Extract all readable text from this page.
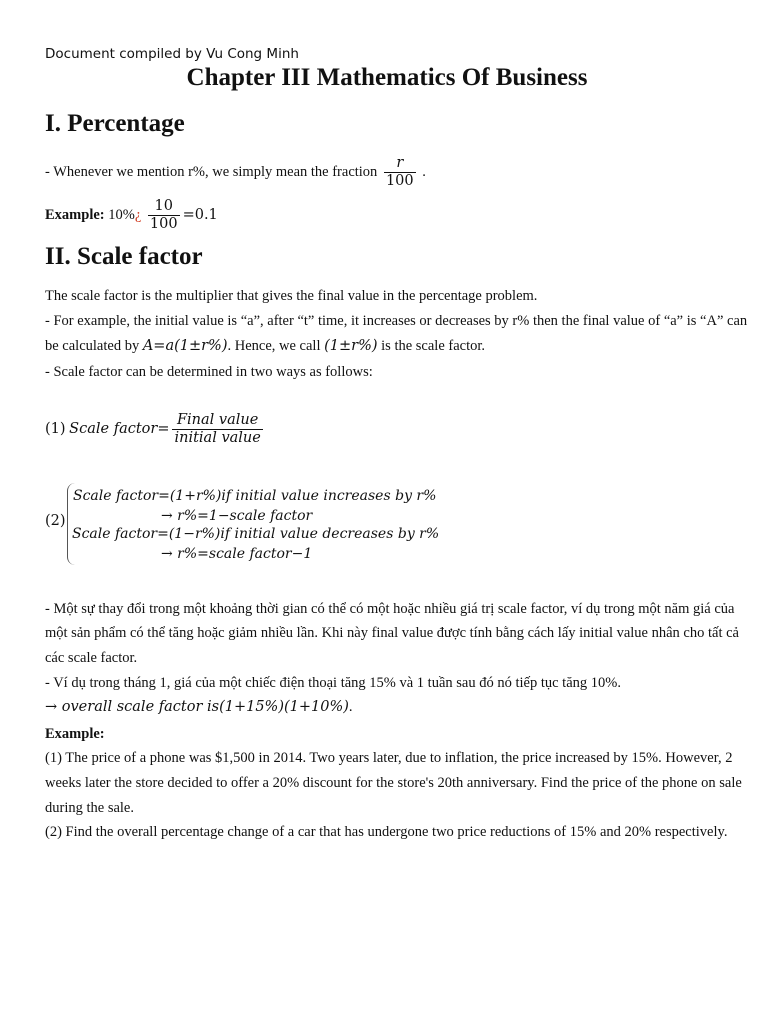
Document compiled by Vu Cong Minh
Chapter III Mathematics Of Business
I. Percentage
- Whenever we mention r%, we simply mean the fraction $\frac{r}{100}$ .
Example: 10%¿ $\frac{10}{100} =0.1$
II. Scale factor
The scale factor is the multiplier that gives the final value in the percentage problem.
- For example, the initial value is “a”, after “t” time, it increases or decreases by r% then the final value of “a” is “A” can
be calculated by A=a(1±r%). Hence, we call (1±r%) is the scale factor.
- Scale factor can be determined in two ways as follows:
(1) Scale factor= $\frac{\text{Final value}}{\text{initial value}}$
(2)
Scale factor=(1+r%)if initial value increases by r%
→ r%=1−scale factor
Scale factor=(1−r%)if initial value decreases by r%
→ r%=scale factor−1
- Một sự thay đổi trong một khoảng thời gian có thể có một hoặc nhiều giá trị scale factor, ví dụ trong một năm giá của
một sản phẩm có thể tăng hoặc giảm nhiều lần. Khi này final value được tính bằng cách lấy initial value nhân cho tất cả
các scale factor.
- Ví dụ trong tháng 1, giá của một chiếc điện thoại tăng 15% và 1 tuần sau đó nó tiếp tục tăng 10%.
→ overall scale factor is(1+15%)(1+10%).
Example:
(1) The price of a phone was $1,500 in 2014. Two years later, due to inflation, the price increased by 15%. However, 2
weeks later the store decided to offer a 20% discount for the store's 20th anniversary. Find the price of the phone on sale
during the sale.
(2) Find the overall percentage change of a car that has undergone two price reductions of 15% and 20% respectively.
